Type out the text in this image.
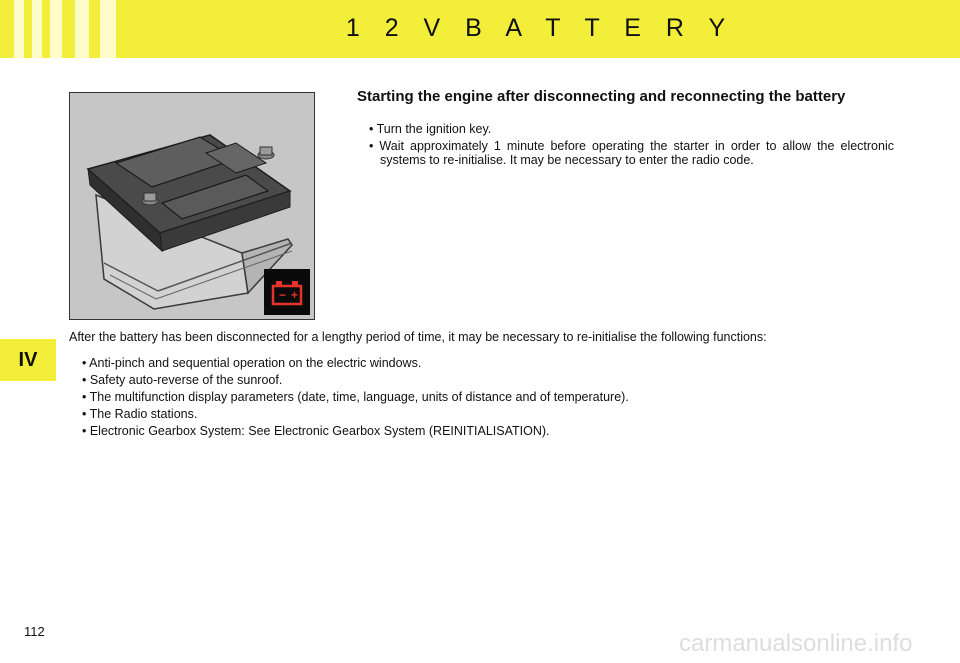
1 2 V B A T T E R Y
IV
− +
Starting the engine after disconnecting and reconnecting the battery
• Turn the ignition key.
• Wait approximately 1 minute before operating the starter in order to allow the electronic systems to re-initialise. It may be necessary to enter the radio code.
After the battery has been disconnected for a lengthy period of time, it may be necessary to re-initialise the following functions:
• Anti-pinch and sequential operation on the electric windows.
• Safety auto-reverse of the sunroof.
• The multifunction display parameters (date, time, language, units of distance and of temperature).
• The Radio stations.
• Electronic Gearbox System: See Electronic Gearbox System (REINITIALISATION).
112	carmanualsonline.info
